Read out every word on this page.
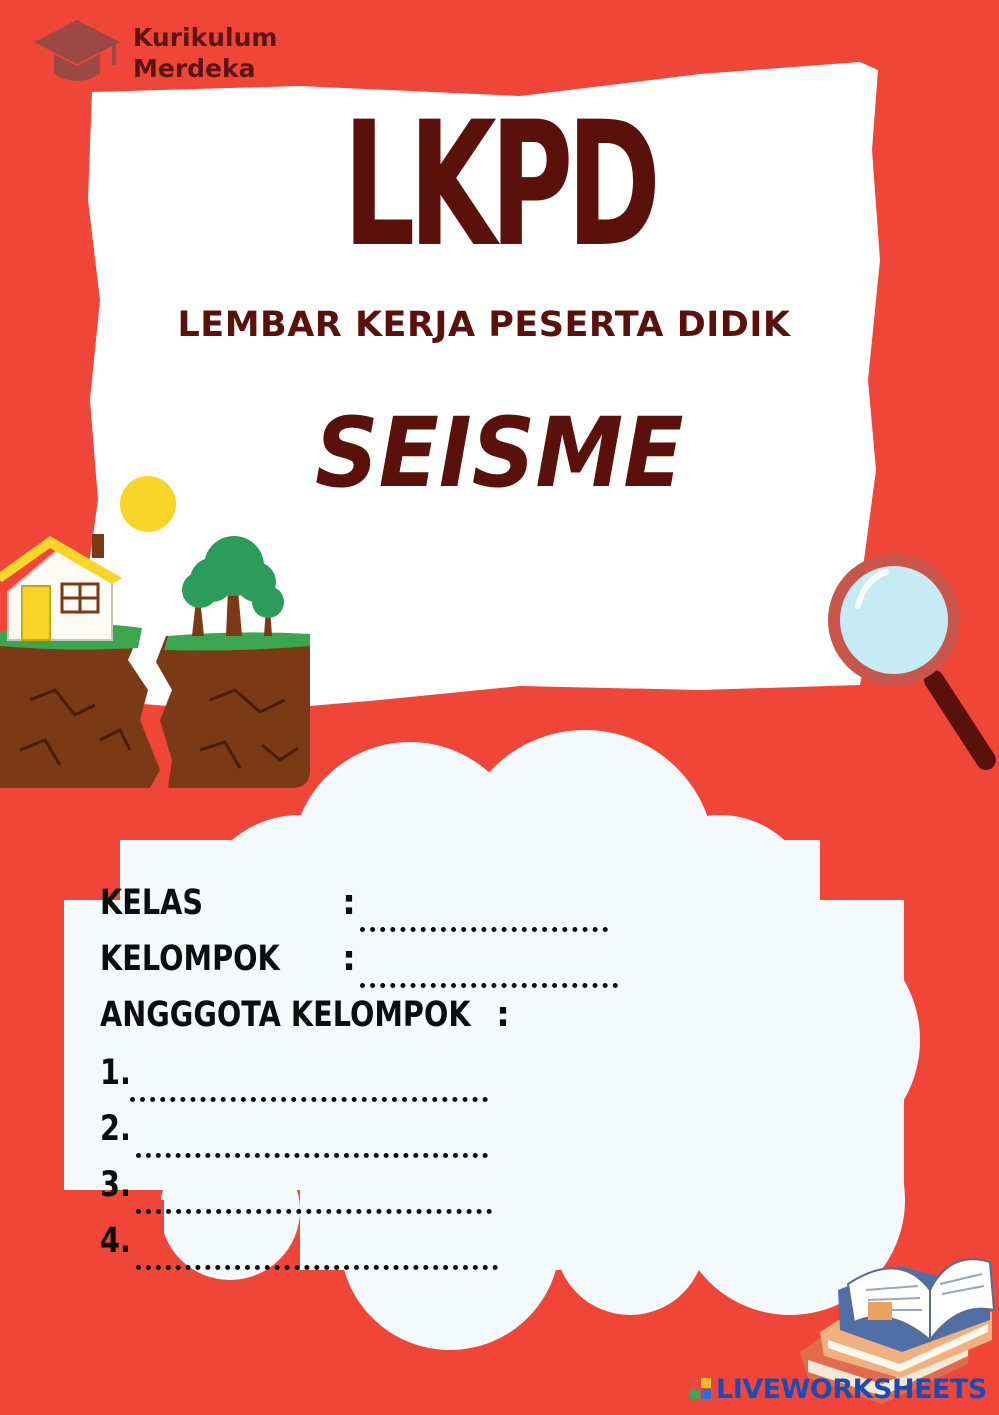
Kurikulum
Merdeka
LKPD
LEMBAR KERJA PESERTA DIDIK
SEISME
KELAS	:
KELOMPOK :
ANGGGOTA KELOMPOK :
1.
2.
3.
4.
LIVEWORKSHEETS
